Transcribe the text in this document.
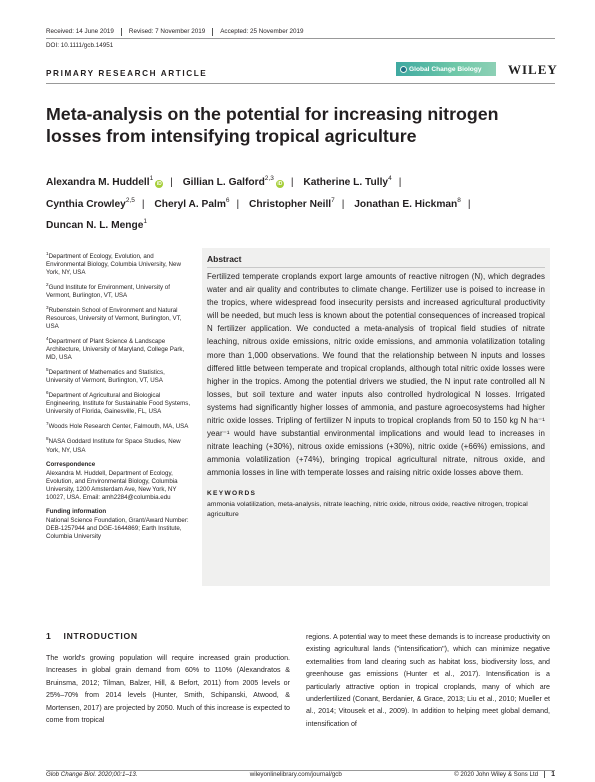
Received: 14 June 2019	Revised: 7 November 2019	Accepted: 25 November 2019
DOI: 10.1111/gcb.14951
PRIMARY RESEARCH ARTICLE	Global Change Biology WILEY
Meta-analysis on the potential for increasing nitrogen losses from intensifying tropical agriculture
Alexandra M. Huddell$^1$iD | Gillian L. Galford$^{2,3}$iD | Katherine L. Tully$^4$ |
Cynthia Crowley$^{2,5}$ | Cheryl A. Palm$^6$ | Christopher Neill$^7$ | Jonathan E. Hickman$^8$ |
Duncan N. L. Menge$^1$

$^1$Department of Ecology, Evolution, and Environmental Biology, Columbia University, New York, NY, USA

$^2$Gund Institute for Environment, University of Vermont, Burlington, VT, USA

$^3$Rubenstein School of Environment and Natural Resources, University of Vermont, Burlington, VT, USA

$^4$Department of Plant Science & Landscape Architecture, University of Maryland, College Park, MD, USA

$^5$Department of Mathematics and Statistics, University of Vermont, Burlington, VT, USA

$^6$Department of Agricultural and Biological Engineering, Institute for Sustainable Food Systems, University of Florida, Gainesville, FL, USA

$^7$Woods Hole Research Center, Falmouth, MA, USA

$^8$NASA Goddard Institute for Space Studies, New York, NY, USA

Correspondence

Alexandra M. Huddell, Department of Ecology, Evolution, and Environmental Biology, Columbia University, 1200 Amsterdam Ave, New York, NY 10027, USA. Email: amh2284@columbia.edu

Funding information

National Science Foundation, Grant/Award Number: DEB-1257944 and DGE-1644869; Earth Institute, Columbia University

Abstract

Fertilized temperate croplands export large amounts of reactive nitrogen (N), which degrades water and air quality and contributes to climate change. Fertilizer use is poised to increase in the tropics, where widespread food insecurity persists and increased agricultural productivity will be needed, but much less is known about the potential consequences of increased tropical N fertilizer application. We conducted a meta-analysis of tropical field studies of nitrate leaching, nitrous oxide emissions, nitric oxide emissions, and ammonia volatilization totaling more than 1,000 observations. We found that the relationship between N inputs and losses differed little between temperate and tropical croplands, although total nitric oxide losses were higher in the tropics. Among the potential drivers we studied, the N input rate controlled all N losses, but soil texture and water inputs also controlled hydrological N losses. Irrigated systems had significantly higher losses of ammonia, and pasture agroecosystems had higher nitric oxide losses. Tripling of fertilizer N inputs to tropical croplands from 50 to 150 kg N ha⁻¹ year⁻¹ would have substantial environmental implications and would lead to increases in nitrate leaching (+30%), nitrous oxide emissions (+30%), nitric oxide (+66%) emissions, and ammonia volatilization (+74%), bringing tropical agricultural nitrate, nitrous oxide, and ammonia losses in line with temperate losses and raising nitric oxide losses above them.

KEYWORDS

ammonia volatilization, meta-analysis, nitrate leaching, nitric oxide, nitrous oxide, reactive nitrogen, tropical agriculture

1 INTRODUCTION

The world's growing population will require increased grain production. Increases in global grain demand from 60% to 110% (Alexandratos & Bruinsma, 2012; Tilman, Balzer, Hill, & Befort, 2011) from 2005 levels or 25%–70% from 2014 levels (Hunter, Smith, Schipanski, Atwood, & Mortensen, 2017) are projected by 2050. Much of this increase is expected to come from tropical

regions. A potential way to meet these demands is to increase productivity on existing agricultural lands ("intensification"), which can minimize negative externalities from land clearing such as habitat loss, biodiversity loss, and greenhouse gas emissions (Hunter et al., 2017). Intensification is a particularly attractive option in tropical croplands, many of which are underfertilized (Conant, Berdanier, & Grace, 2013; Liu et al., 2010; Mueller et al., 2014; Vitousek et al., 2009). In addition to helping meet global demand, intensification of

Glob Change Biol. 2020;00:1–13.	wileyonlinelibrary.com/journal/gcb	© 2020 John Wiley & Sons Ltd	1
